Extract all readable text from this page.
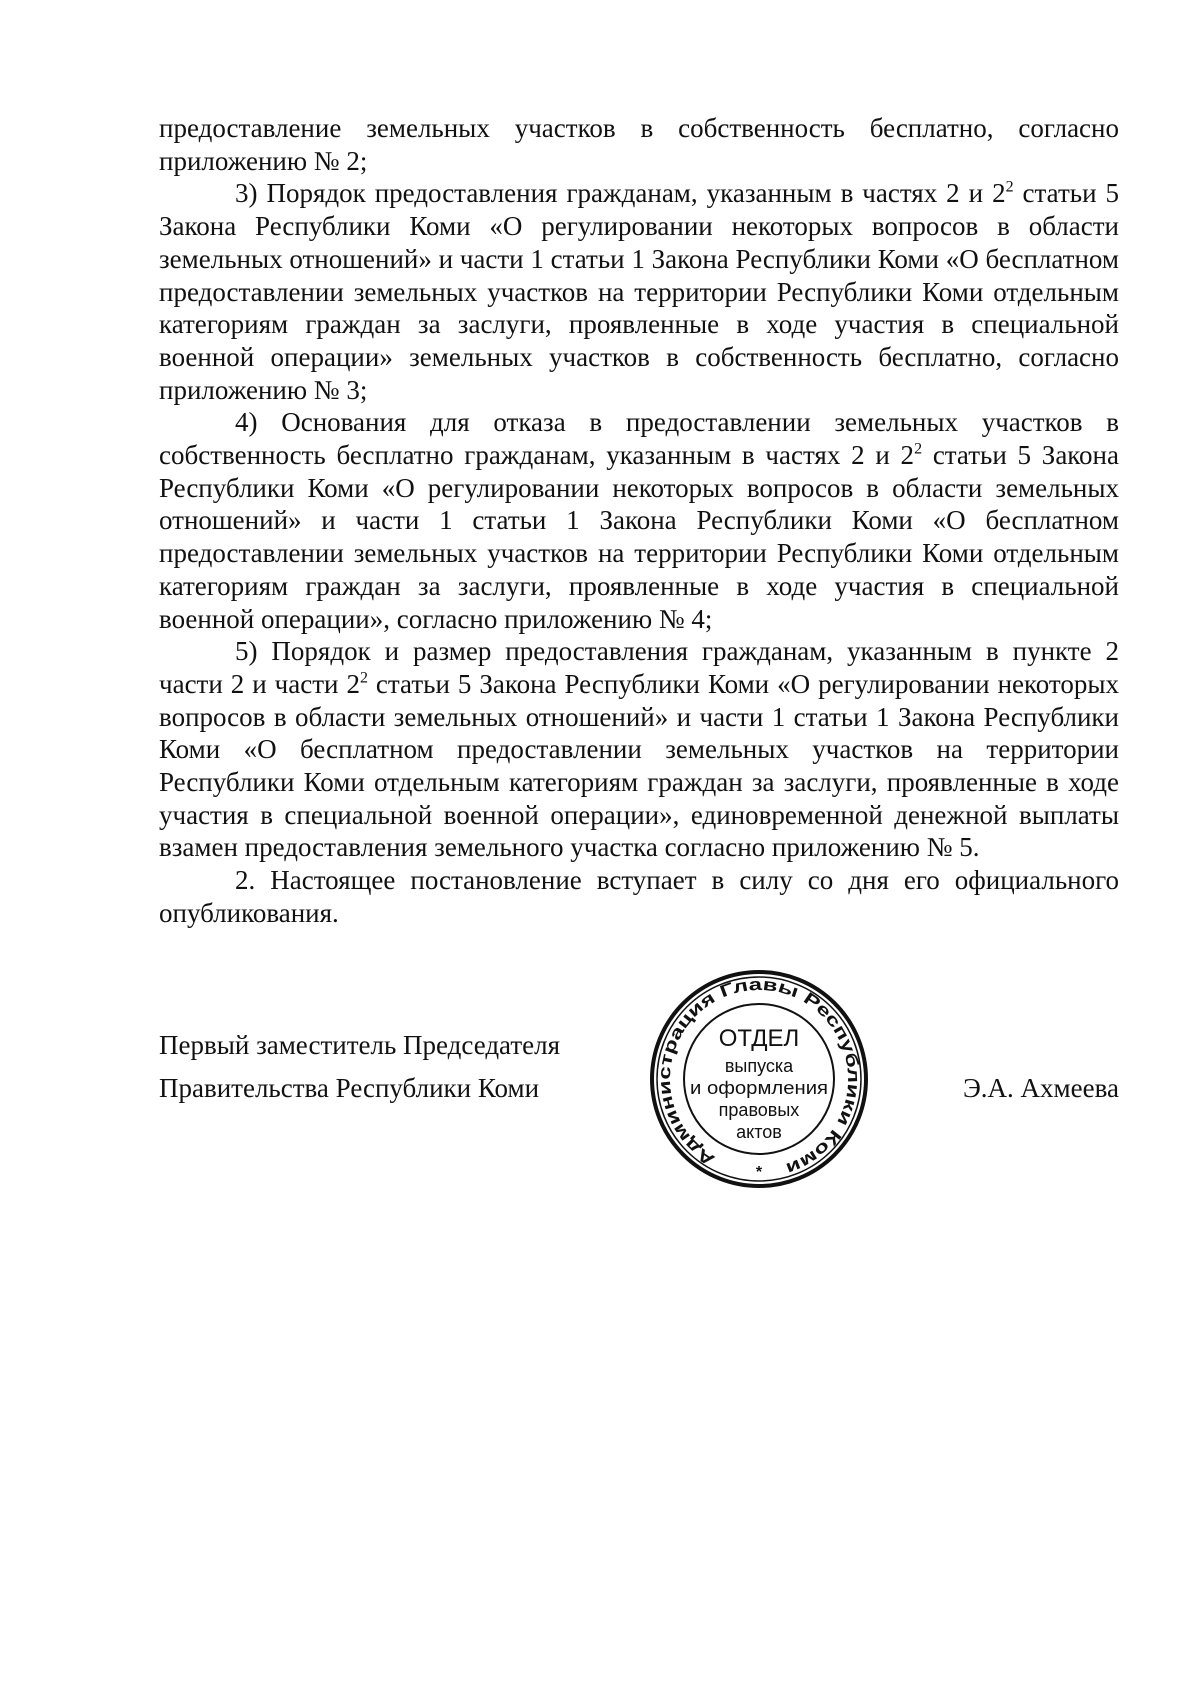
предоставление земельных участков в собственность бесплатно, согласно приложению № 2;

3) Порядок предоставления гражданам, указанным в частях 2 и $2^2$ статьи 5 Закона Республики Коми «О регулировании некоторых вопросов в области земельных отношений» и части 1 статьи 1 Закона Республики Коми «О бесплатном предоставлении земельных участков на территории Республики Коми отдельным категориям граждан за заслуги, проявленные в ходе участия в специальной военной операции» земельных участков в собственность бесплатно, согласно приложению № 3;

4) Основания для отказа в предоставлении земельных участков в собственность бесплатно гражданам, указанным в частях 2 и $2^2$ статьи 5 Закона Республики Коми «О регулировании некоторых вопросов в области земельных отношений» и части 1 статьи 1 Закона Республики Коми «О бесплатном предоставлении земельных участков на территории Республики Коми отдельным категориям граждан за заслуги, проявленные в ходе участия в специальной военной операции», согласно приложению № 4;

5) Порядок и размер предоставления гражданам, указанным в пункте 2 части 2 и части $2^2$ статьи 5 Закона Республики Коми «О регулировании некоторых вопросов в области земельных отношений» и части 1 статьи 1 Закона Республики Коми «О бесплатном предоставлении земельных участков на территории Республики Коми отдельным категориям граждан за заслуги, проявленные в ходе участия в специальной военной операции», единовременной денежной выплаты взамен предоставления земельного участка согласно приложению № 5.

2. Настоящее постановление вступает в силу со дня его официального опубликования.

Первый заместитель Председателя
Правительства Республики Коми	Э.А. Ахмеева
Администрация Главы Республики Коми
ОТДЕЛ
выпуска
и оформления
правовых
актов
*
